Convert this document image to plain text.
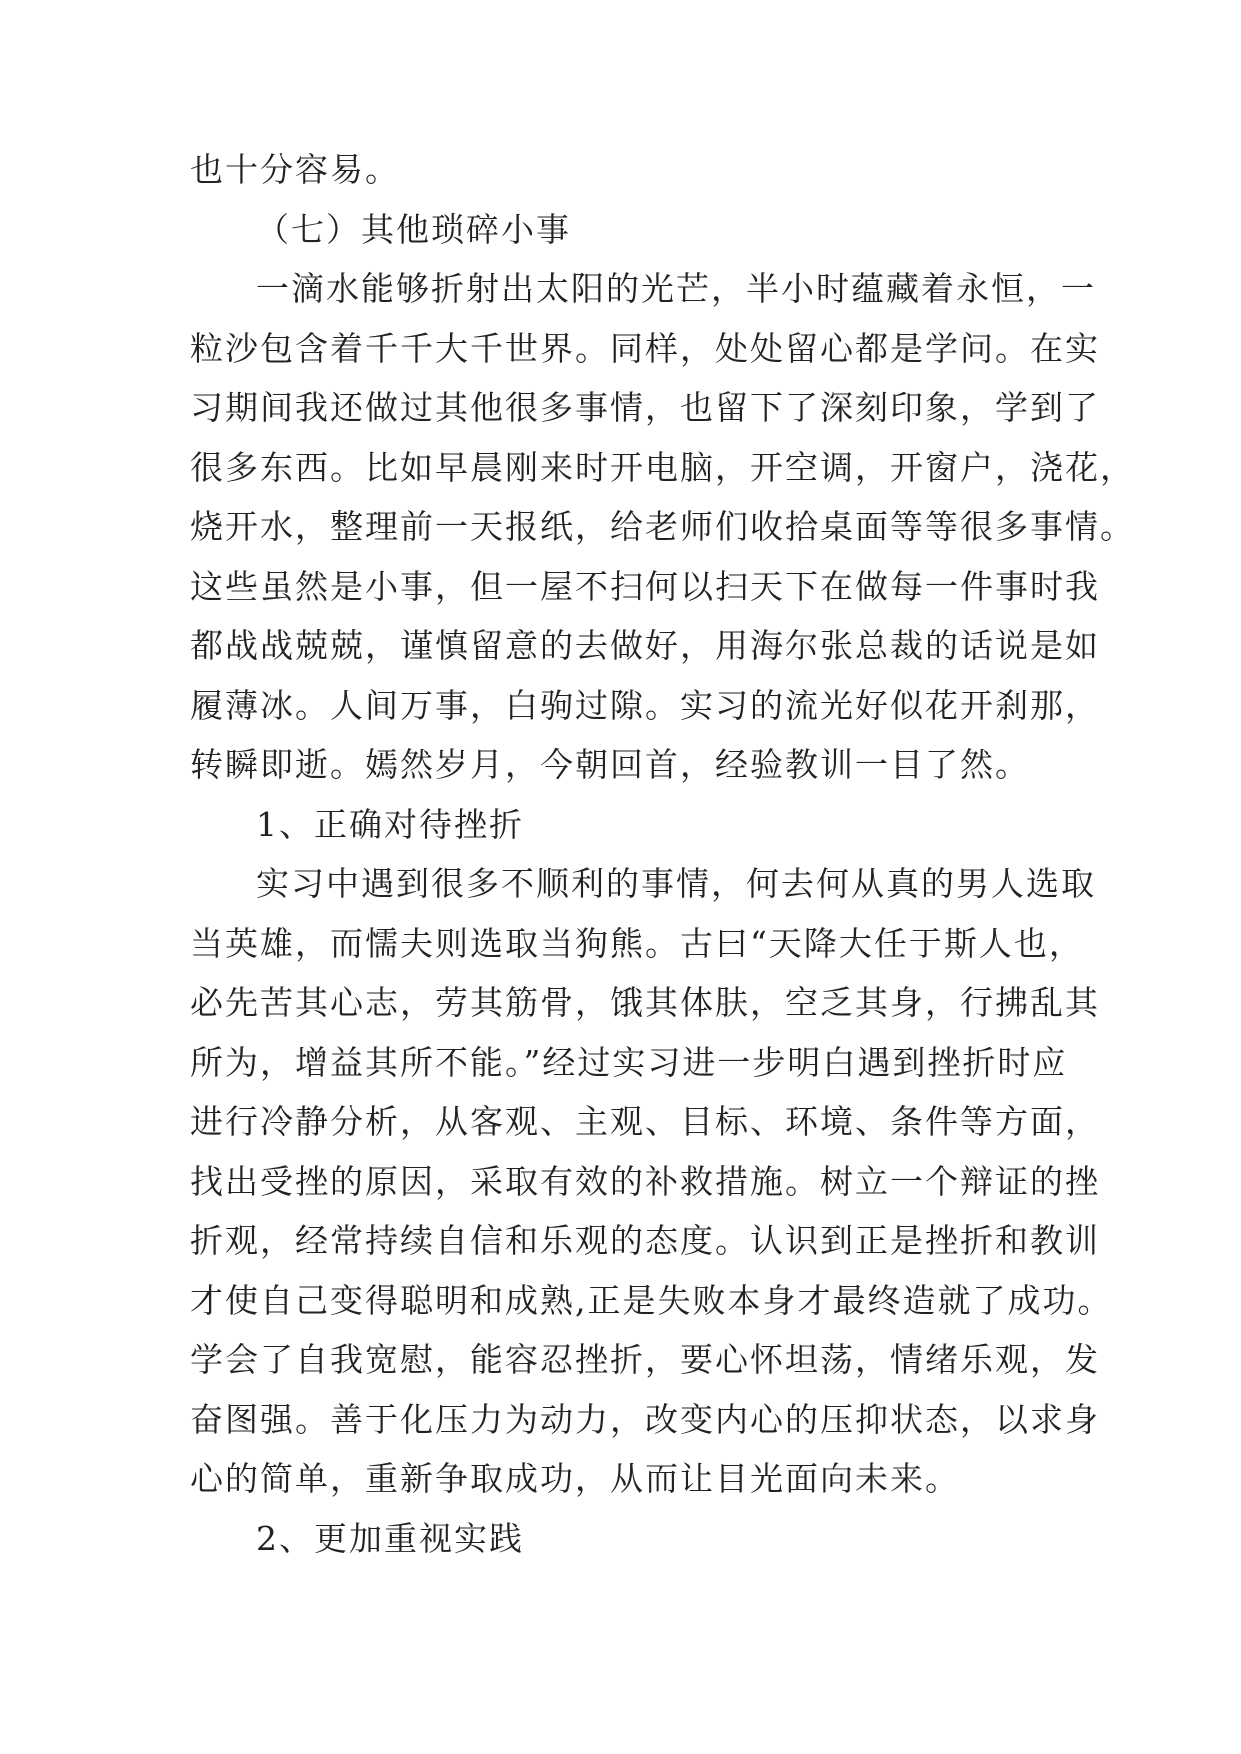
也十分容易。
（七）其他琐碎小事
一滴水能够折射出太阳的光芒，半小时蕴藏着永恒，一
粒沙包含着千千大千世界。同样，处处留心都是学问。在实
习期间我还做过其他很多事情，也留下了深刻印象，学到了
很多东西。比如早晨刚来时开电脑，开空调，开窗户，浇花，
烧开水，整理前一天报纸，给老师们收拾桌面等等很多事情。
这些虽然是小事，但一屋不扫何以扫天下在做每一件事时我
都战战兢兢，谨慎留意的去做好，用海尔张总裁的话说是如
履薄冰。人间万事，白驹过隙。实习的流光好似花开刹那，
转瞬即逝。嫣然岁月，今朝回首，经验教训一目了然。
1、正确对待挫折
实习中遇到很多不顺利的事情，何去何从真的男人选取
当英雄，而懦夫则选取当狗熊。古曰“天降大任于斯人也，
必先苦其心志，劳其筋骨，饿其体肤，空乏其身，行拂乱其
所为，增益其所不能。”经过实习进一步明白遇到挫折时应
进行冷静分析，从客观、主观、目标、环境、条件等方面，
找出受挫的原因，采取有效的补救措施。树立一个辩证的挫
折观，经常持续自信和乐观的态度。认识到正是挫折和教训
才使自己变得聪明和成熟,正是失败本身才最终造就了成功。
学会了自我宽慰，能容忍挫折，要心怀坦荡，情绪乐观，发
奋图强。善于化压力为动力，改变内心的压抑状态，以求身
心的简单，重新争取成功，从而让目光面向未来。
2、更加重视实践
